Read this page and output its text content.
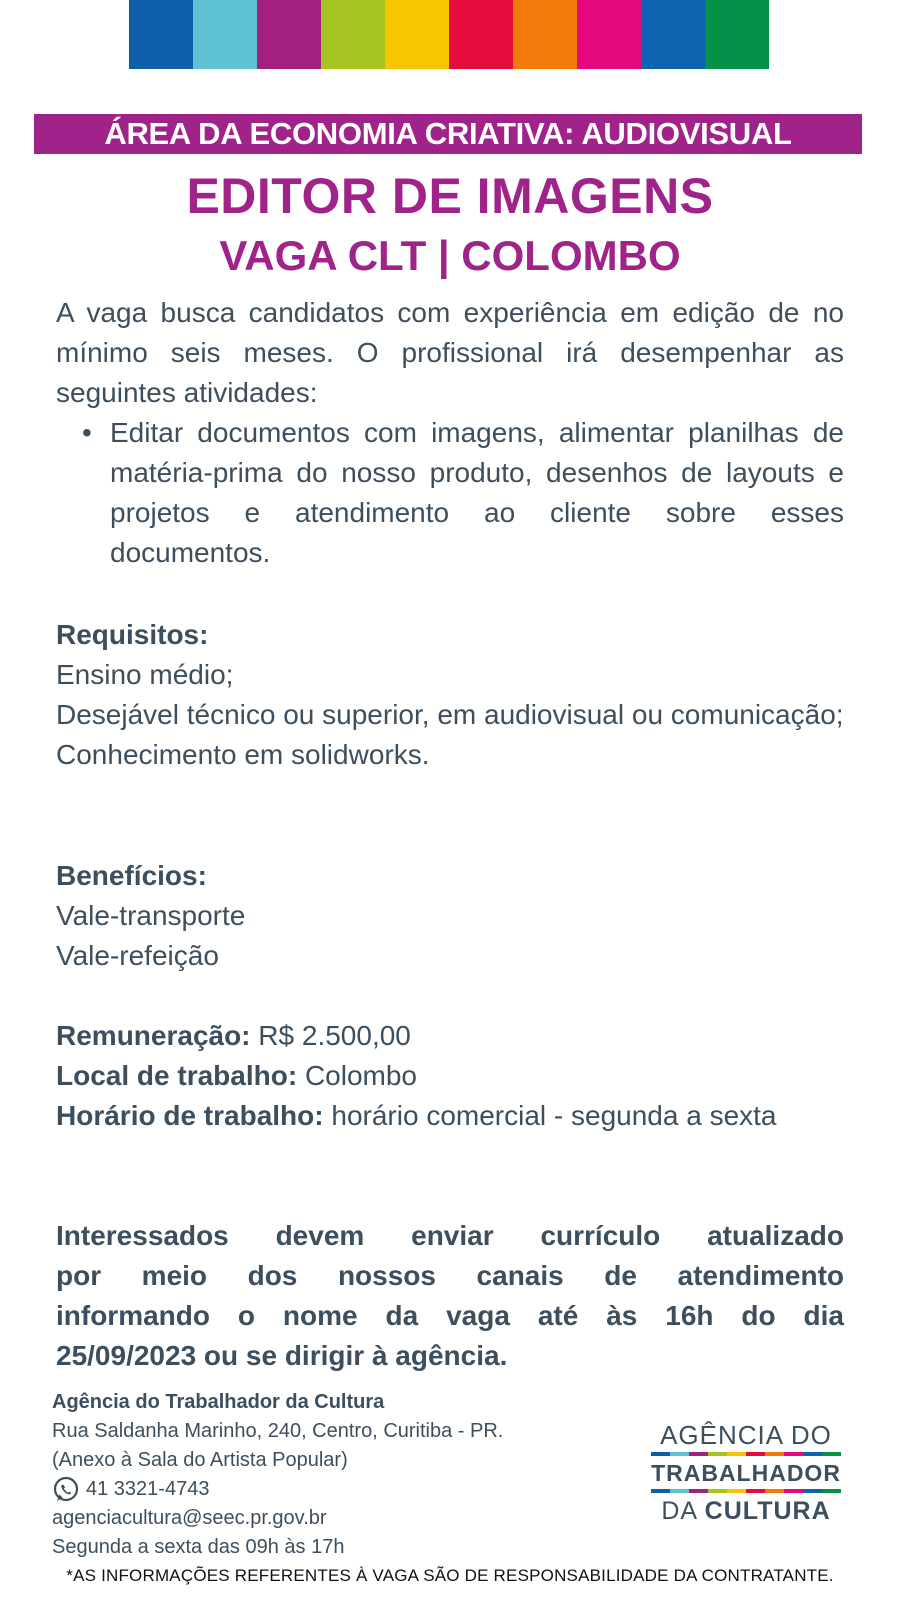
ÁREA DA ECONOMIA CRIATIVA: AUDIOVISUAL
EDITOR DE IMAGENS
VAGA CLT | COLOMBO
A vaga busca candidatos com experiência em edição de no mínimo seis meses. O profissional irá desempenhar as seguintes atividades:
• Editar documentos com imagens, alimentar planilhas de matéria-prima do nosso produto, desenhos de layouts e projetos e atendimento ao cliente sobre esses documentos.
Requisitos:
Ensino médio;
Desejável técnico ou superior, em audiovisual ou comunicação;
Conhecimento em solidworks.
Benefícios:
Vale-transporte
Vale-refeição
Remuneração: R$ 2.500,00
Local de trabalho: Colombo
Horário de trabalho: horário comercial - segunda a sexta
Interessados devem enviar currículo atualizado
por meio dos nossos canais de atendimento
informando o nome da vaga até às 16h do dia
25/09/2023 ou se dirigir à agência.
Agência do Trabalhador da Cultura
Rua Saldanha Marinho, 240, Centro, Curitiba - PR.
(Anexo à Sala do Artista Popular)
41 3321-4743
agenciacultura@seec.pr.gov.br
Segunda a sexta das 09h às 17h
AGÊNCIA DO
TRABALHADOR
DA CULTURA
*AS INFORMAÇÕES REFERENTES À VAGA SÃO DE RESPONSABILIDADE DA CONTRATANTE.
